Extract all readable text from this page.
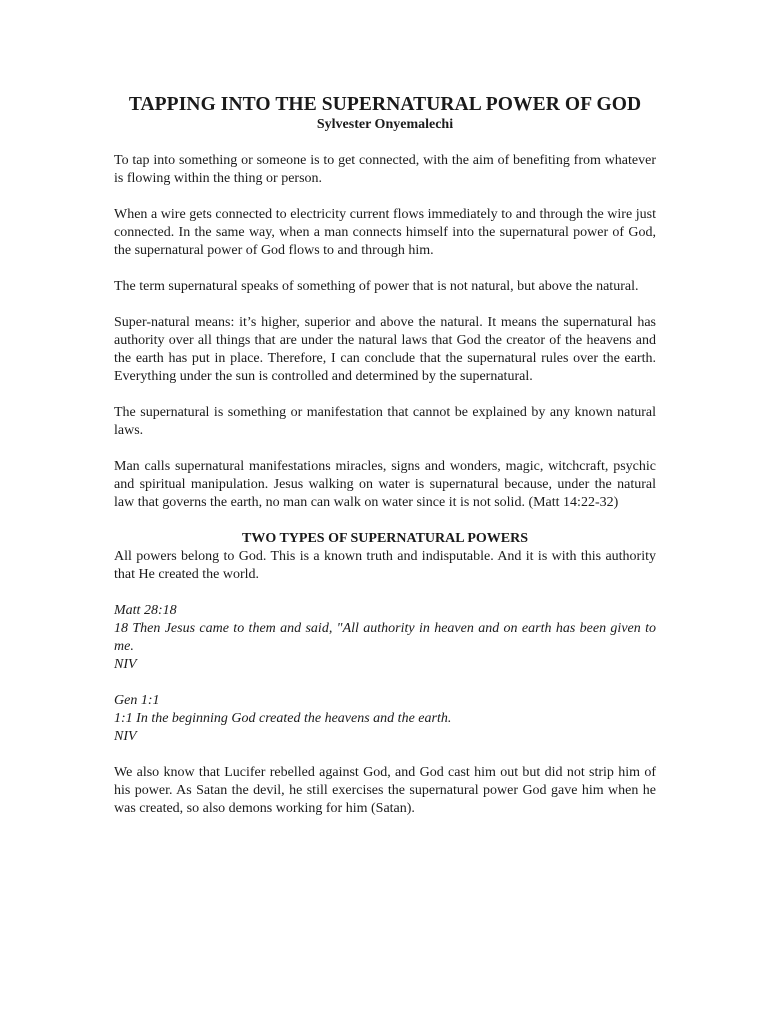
TAPPING INTO THE SUPERNATURAL POWER OF GOD
Sylvester Onyemalechi

To tap into something or someone is to get connected, with the aim of benefiting from whatever is flowing within the thing or person.

When a wire gets connected to electricity current flows immediately to and through the wire just connected. In the same way, when a man connects himself into the supernatural power of God, the supernatural power of God flows to and through him.

The term supernatural speaks of something of power that is not natural, but above the natural.

Super-natural means: it’s higher, superior and above the natural. It means the supernatural has authority over all things that are under the natural laws that God the creator of the heavens and the earth has put in place. Therefore, I can conclude that the supernatural rules over the earth. Everything under the sun is controlled and determined by the supernatural.

The supernatural is something or manifestation that cannot be explained by any known natural laws.

Man calls supernatural manifestations miracles, signs and wonders, magic, witchcraft, psychic and spiritual manipulation. Jesus walking on water is supernatural because, under the natural law that governs the earth, no man can walk on water since it is not solid. (Matt 14:22-32)

TWO TYPES OF SUPERNATURAL POWERS

All powers belong to God. This is a known truth and indisputable. And it is with this authority that He created the world.

Matt 28:18
18 Then Jesus came to them and said, "All authority in heaven and on earth has been given to me.
NIV
Gen 1:1
1:1 In the beginning God created the heavens and the earth.
NIV

We also know that Lucifer rebelled against God, and God cast him out but did not strip him of his power. As Satan the devil, he still exercises the supernatural power God gave him when he was created, so also demons working for him (Satan).
